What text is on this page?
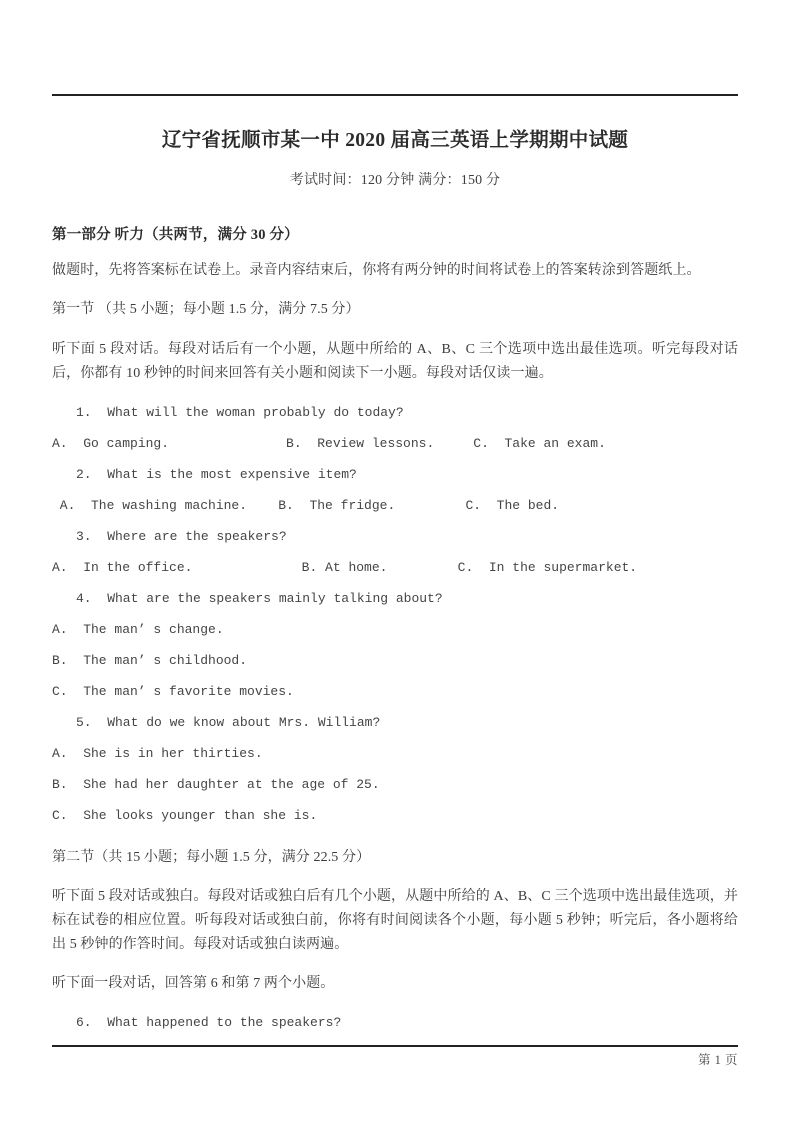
第 1 页
辽宁省抚顺市某一中 2020 届高三英语上学期期中试题

考试时间：120 分钟 满分：150 分

第一部分 听力（共两节，满分 30 分）

做题时，先将答案标在试卷上。录音内容结束后，你将有两分钟的时间将试卷上的答案转涂到答题纸上。

第一节 （共 5 小题；每小题 1.5 分，满分 7.5 分）

听下面 5 段对话。每段对话后有一个小题，从题中所给的 A、B、C 三个选项中选出最佳选项。听完每段对话后，你都有 10 秒钟的时间来回答有关小题和阅读下一小题。每段对话仅读一遍。

1.  What will the woman probably do today?
A.  Go camping.               B.  Review lessons.     C.  Take an exam.
2.  What is the most expensive item?
A.  The washing machine.    B.  The fridge.         C.  The bed.
3.  Where are the speakers?
A.  In the office.              B. At home.         C.  In the supermarket.
4.  What are the speakers mainly talking about?
A.  The man’ s change.
B.  The man’ s childhood.
C.  The man’ s favorite movies.
5.  What do we know about Mrs. William?
A.  She is in her thirties.
B.  She had her daughter at the age of 25.
C.  She looks younger than she is.

第二节（共 15 小题；每小题 1.5 分，满分 22.5 分）

听下面 5 段对话或独白。每段对话或独白后有几个小题，从题中所给的 A、B、C 三个选项中选出最佳选项，并标在试卷的相应位置。听每段对话或独白前，你将有时间阅读各个小题，每小题 5 秒钟；听完后，各小题将给出 5 秒钟的作答时间。每段对话或独白读两遍。

听下面一段对话，回答第 6 和第 7 两个小题。

6.  What happened to the speakers?
